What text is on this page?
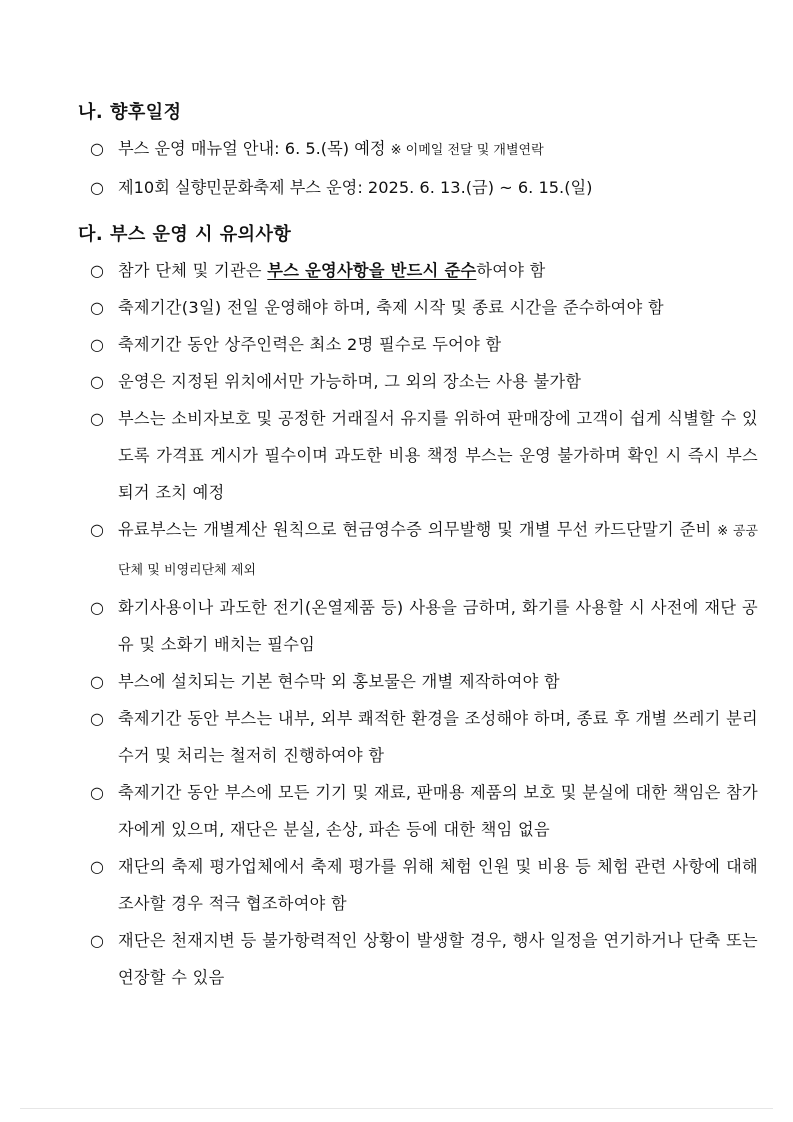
나. 향후일정
○ 부스 운영 매뉴얼 안내: 6. 5.(목) 예정 ※ 이메일 전달 및 개별연락
○ 제10회 실향민문화축제 부스 운영: 2025. 6. 13.(금) ~ 6. 15.(일)
다. 부스 운영 시 유의사항
○ 참가 단체 및 기관은 부스 운영사항을 반드시 준수하여야 함
○ 축제기간(3일) 전일 운영해야 하며, 축제 시작 및 종료 시간을 준수하여야 함
○ 축제기간 동안 상주인력은 최소 2명 필수로 두어야 함
○ 운영은 지정된 위치에서만 가능하며, 그 외의 장소는 사용 불가함
○ 부스는 소비자보호 및 공정한 거래질서 유지를 위하여 판매장에 고객이 쉽게 식별할 수 있도록 가격표 게시가 필수이며 과도한 비용 책정 부스는 운영 불가하며 확인 시 즉시 부스 퇴거 조치 예정
○ 유료부스는 개별계산 원칙으로 현금영수증 의무발행 및 개별 무선 카드단말기 준비 ※ 공공단체 및 비영리단체 제외
○ 화기사용이나 과도한 전기(온열제품 등) 사용을 금하며, 화기를 사용할 시 사전에 재단 공유 및 소화기 배치는 필수임
○ 부스에 설치되는 기본 현수막 외 홍보물은 개별 제작하여야 함
○ 축제기간 동안 부스는 내부, 외부 쾌적한 환경을 조성해야 하며, 종료 후 개별 쓰레기 분리수거 및 처리는 철저히 진행하여야 함
○ 축제기간 동안 부스에 모든 기기 및 재료, 판매용 제품의 보호 및 분실에 대한 책임은 참가자에게 있으며, 재단은 분실, 손상, 파손 등에 대한 책임 없음
○ 재단의 축제 평가업체에서 축제 평가를 위해 체험 인원 및 비용 등 체험 관련 사항에 대해 조사할 경우 적극 협조하여야 함
○ 재단은 천재지변 등 불가항력적인 상황이 발생할 경우, 행사 일정을 연기하거나 단축 또는 연장할 수 있음
